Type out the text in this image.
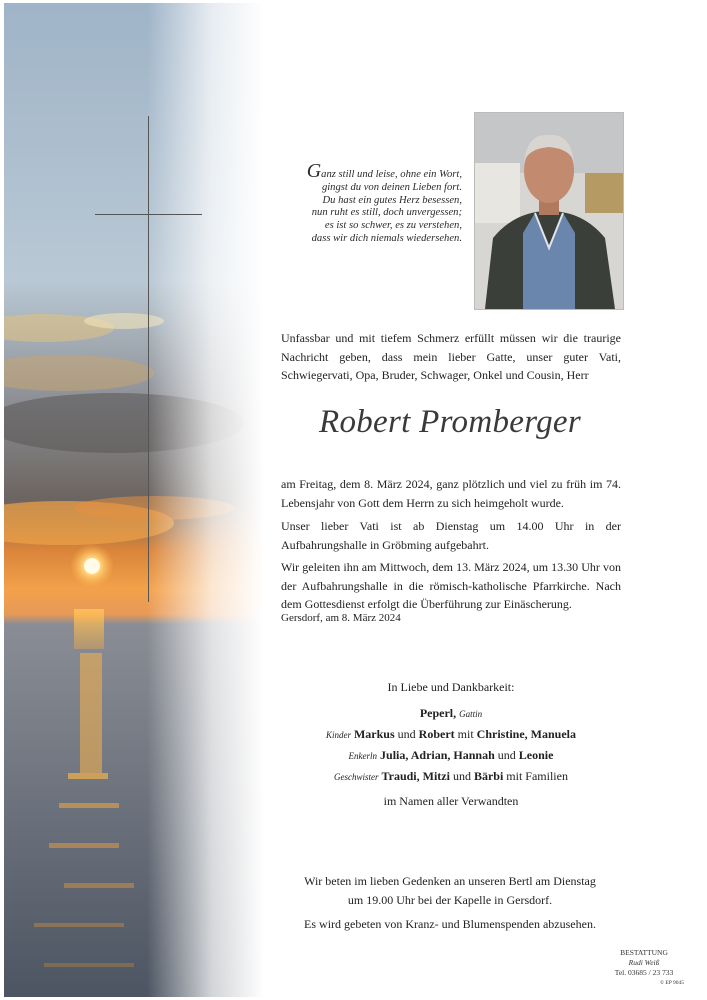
Ganz still und leise, ohne ein Wort,
gingst du von deinen Lieben fort.
Du hast ein gutes Herz besessen,
nun ruht es still, doch unvergessen;
es ist so schwer, es zu verstehen,
dass wir dich niemals wiedersehen.
Unfassbar und mit tiefem Schmerz erfüllt müssen wir die traurige Nachricht geben, dass mein lieber Gatte, unser guter Vati, Schwiegervati, Opa, Bruder, Schwager, Onkel und Cousin, Herr
Robert Promberger
am Freitag, dem 8. März 2024, ganz plötzlich und viel zu früh im 74. Lebensjahr von Gott dem Herrn zu sich heimgeholt wurde.
Unser lieber Vati ist ab Dienstag um 14.00 Uhr in der Aufbahrungshalle in Gröbming aufgebahrt.
Wir geleiten ihn am Mittwoch, dem 13. März 2024, um 13.30 Uhr von der Aufbahrungshalle in die römisch-katholische Pfarrkirche. Nach dem Gottesdienst erfolgt die Überführung zur Einäscherung.
Gersdorf, am 8. März 2024
In Liebe und Dankbarkeit:
Peperl, Gattin
Kinder Markus und Robert mit Christine, Manuela
Enkerln Julia, Adrian, Hannah und Leonie
Geschwister Traudi, Mitzi und Bärbi mit Familien
im Namen aller Verwandten
Wir beten im lieben Gedenken an unseren Bertl am Dienstag
um 19.00 Uhr bei der Kapelle in Gersdorf.
Es wird gebeten von Kranz- und Blumenspenden abzusehen.
BESTATTUNG
Rudi Weiß
Tel. 03685 / 23 733
© EP 9045
